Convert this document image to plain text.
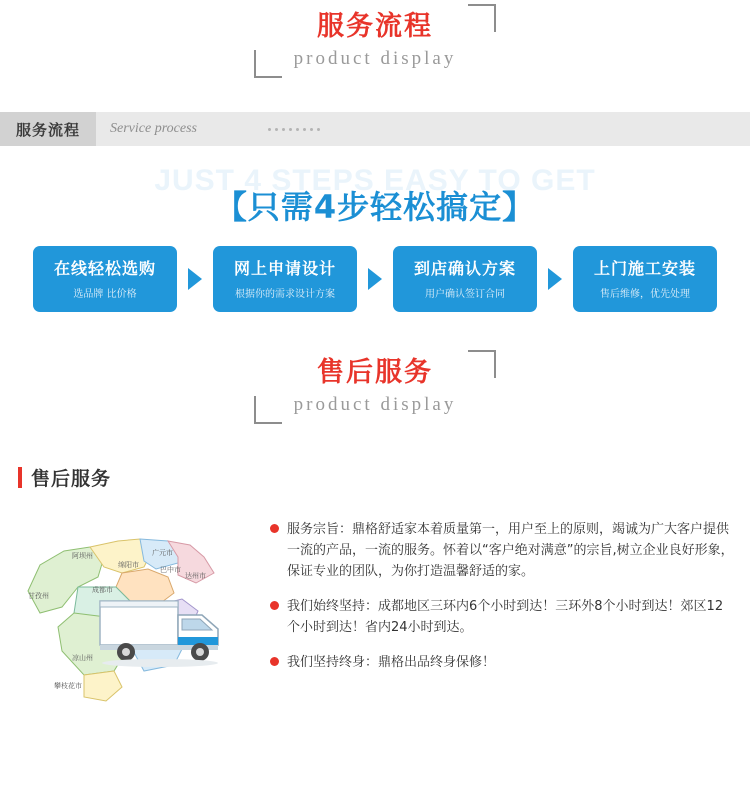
服务流程
product display
服务流程	Service process
JUST 4 STEPS EASY TO GET
【只需4步轻松搞定】
在线轻松选购
选品牌 比价格
网上申请设计
根据你的需求设计方案
到店确认方案
用户确认签订合同
上门施工安装
售后维修，优先处理
售后服务
product display
售后服务
阿坝州
绵阳市
广元市
巴中市
达州市
甘孜州
成都市
凉山州
攀枝花市
服务宗旨：鼎格舒适家本着质量第一，用户至上的原则，竭诚为广大客户提供一流的产品，一流的服务。怀着以“客户绝对满意”的宗旨,树立企业良好形象，保证专业的团队，为你打造温馨舒适的家。
我们始终坚持：成都地区三环内6个小时到达！三环外8个小时到达！郊区12个小时到达！省内24小时到达。
我们坚持终身：鼎格出品终身保修！
